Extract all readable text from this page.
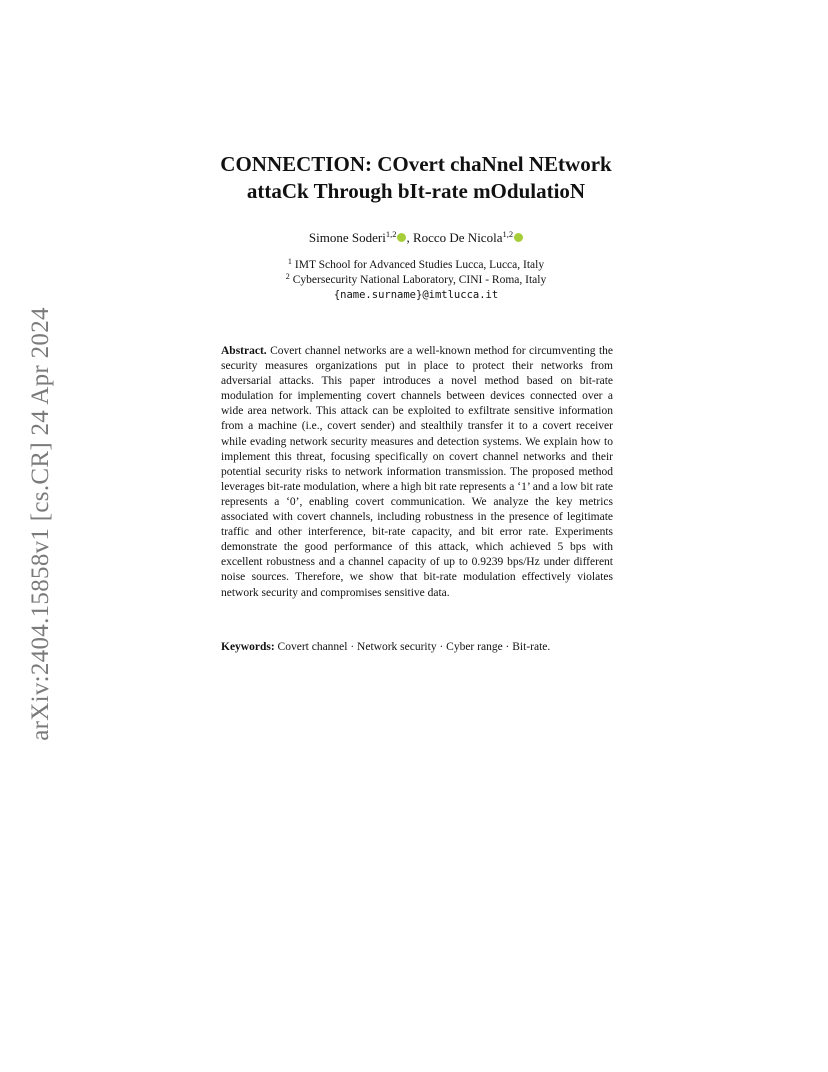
arXiv:2404.15858v1 [cs.CR] 24 Apr 2024
CONNECTION: COvert chaNnel NEtwork
attaCk Through bIt-rate mOdulatioN
Simone Soderi$^{1,2}$ , Rocco De Nicola$^{1,2}$
$^1$ IMT School for Advanced Studies Lucca, Lucca, Italy
$^2$ Cybersecurity National Laboratory, CINI - Roma, Italy
{name.surname}@imtlucca.it
Abstract. Covert channel networks are a well-known method for circumventing the security measures organizations put in place to protect their networks from adversarial attacks. This paper introduces a novel method based on bit-rate modulation for implementing covert channels between devices connected over a wide area network. This attack can be exploited to exfiltrate sensitive information from a machine (i.e., covert sender) and stealthily transfer it to a covert receiver while evading network security measures and detection systems. We explain how to implement this threat, focusing specifically on covert channel networks and their potential security risks to network information transmission. The proposed method leverages bit-rate modulation, where a high bit rate represents a ‘1’ and a low bit rate represents a ‘0’, enabling covert communication. We analyze the key metrics associated with covert channels, including robustness in the presence of legitimate traffic and other interference, bit-rate capacity, and bit error rate. Experiments demonstrate the good performance of this attack, which achieved 5 bps with excellent robustness and a channel capacity of up to 0.9239 bps/Hz under different noise sources. Therefore, we show that bit-rate modulation effectively violates network security and compromises sensitive data.
Keywords: Covert channel · Network security · Cyber range · Bit-rate.
